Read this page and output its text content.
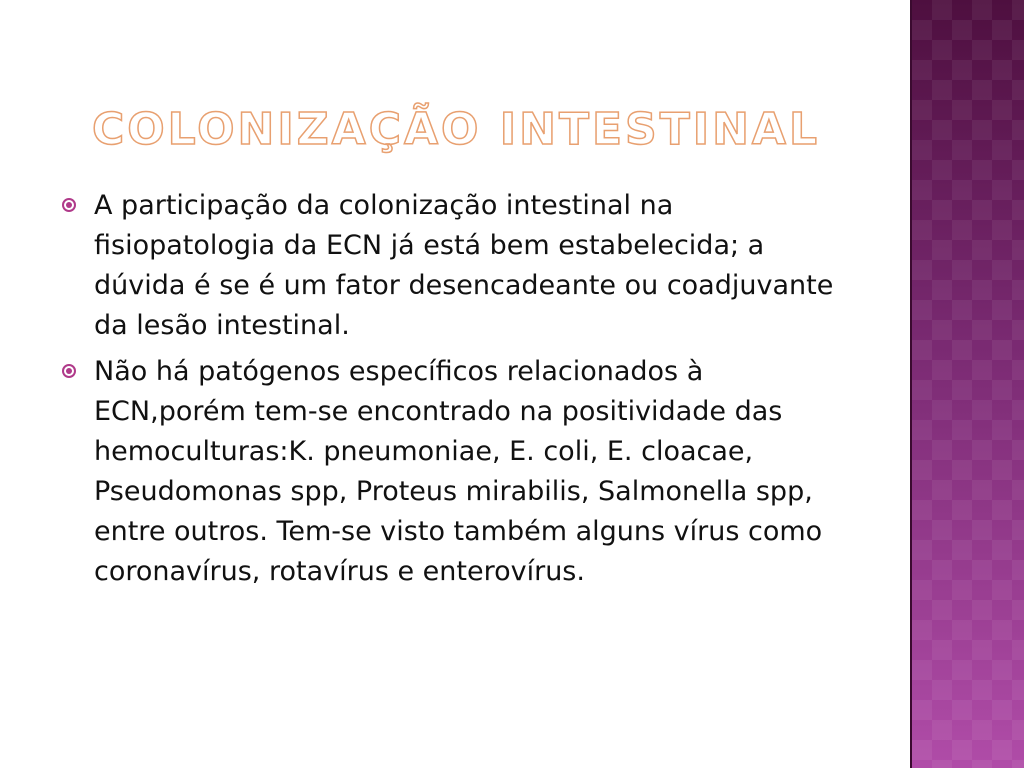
COLONIZAÇÃO INTESTINAL
A participação da colonização intestinal na fisiopatologia da ECN já está bem estabelecida; a dúvida é se é um fator desencadeante ou coadjuvante da lesão intestinal.
Não há patógenos específicos relacionados à ECN,porém tem-se encontrado na positividade das hemoculturas:K. pneumoniae, E. coli, E. cloacae, Pseudomonas spp, Proteus mirabilis, Salmonella spp, entre outros. Tem-se visto também alguns vírus como coronavírus, rotavírus e enterovírus.
